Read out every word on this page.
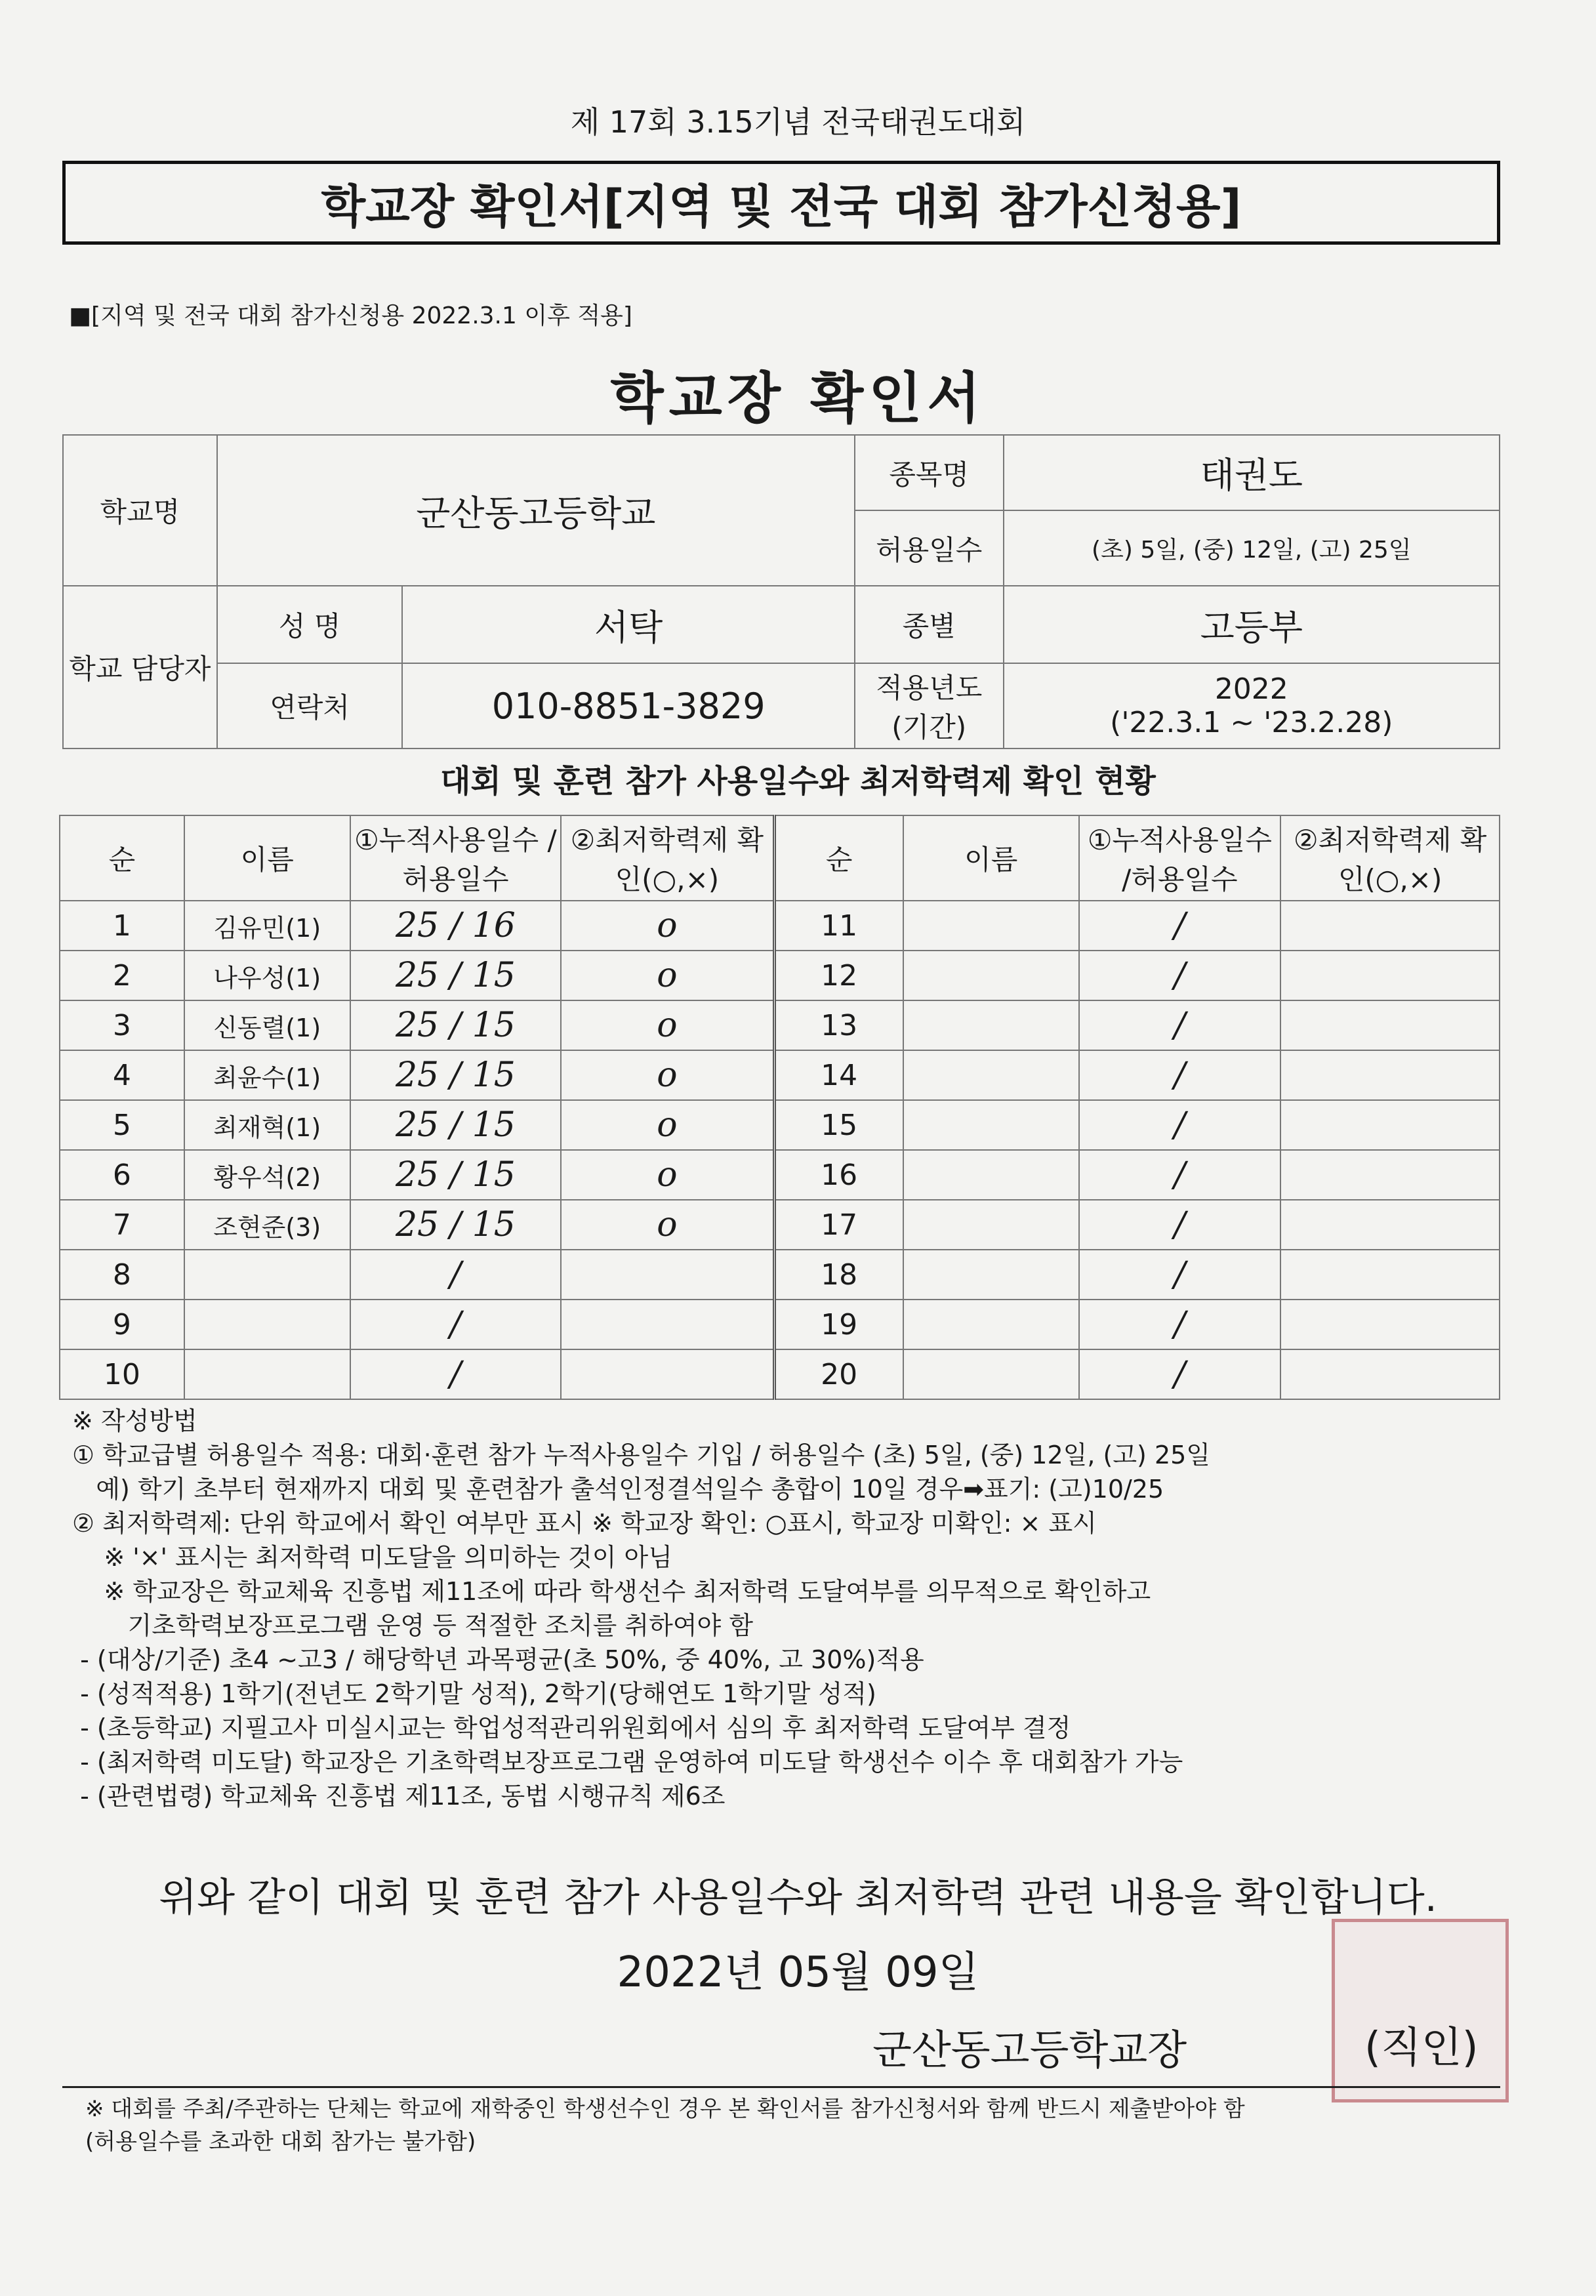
제 17회 3.15기념 전국태권도대회
학교장 확인서[지역 및 전국 대회 참가신청용]
■[지역 및 전국 대회 참가신청용 2022.3.1 이후 적용]
학교장 확인서
학교명	군산동고등학교		종목명	태권도
			허용일수	(초) 5일, (중) 12일, (고) 25일
학교 담당자	성 명	서탁	종별	고등부
	연락처	010-8851-3829	적용년도 (기간)	2022
('22.3.1 ~ '23.2.28)
대회 및 훈련 참가 사용일수와 최저학력제 확인 현황
순	이름	①누적사용일수 /허용일수	②최저학력제 확인(○,×)	순	이름	①누적사용일수 /허용일수	②최저학력제 확인(○,×)
1	김유민(1)	25 / 16	o	11		/	
2	나우성(1)	25 / 15	o	12		/	
3	신동렬(1)	25 / 15	o	13		/	
4	최윤수(1)	25 / 15	o	14		/	
5	최재혁(1)	25 / 15	o	15		/	
6	황우석(2)	25 / 15	o	16		/	
7	조현준(3)	25 / 15	o	17		/	
8		/		18		/	
9		/		19		/	
10		/		20		/	
※ 작성방법
① 학교급별 허용일수 적용: 대회·훈련 참가 누적사용일수 기입 / 허용일수 (초) 5일, (중) 12일, (고) 25일
예) 학기 초부터 현재까지 대회 및 훈련참가 출석인정결석일수 총합이 10일 경우➡표기: (고)10/25
② 최저학력제: 단위 학교에서 확인 여부만 표시 ※ 학교장 확인: ○표시, 학교장 미확인: × 표시
※ '×' 표시는 최저학력 미도달을 의미하는 것이 아님
※ 학교장은 학교체육 진흥법 제11조에 따라 학생선수 최저학력 도달여부를 의무적으로 확인하고
기초학력보장프로그램 운영 등 적절한 조치를 취하여야 함
- (대상/기준) 초4 ~고3 / 해당학년 과목평균(초 50%, 중 40%, 고 30%)적용
- (성적적용) 1학기(전년도 2학기말 성적), 2학기(당해연도 1학기말 성적)
- (초등학교) 지필고사 미실시교는 학업성적관리위원회에서 심의 후 최저학력 도달여부 결정
- (최저학력 미도달) 학교장은 기초학력보장프로그램 운영하여 미도달 학생선수 이수 후 대회참가 가능
- (관련법령) 학교체육 진흥법 제11조, 동법 시행규칙 제6조
위와 같이 대회 및 훈련 참가 사용일수와 최저학력 관련 내용을 확인합니다.
2022년 05월 09일
군산동고등학교장	(직인)
※ 대회를 주최/주관하는 단체는 학교에 재학중인 학생선수인 경우 본 확인서를 참가신청서와 함께 반드시 제출받아야 함
(허용일수를 초과한 대회 참가는 불가함)
